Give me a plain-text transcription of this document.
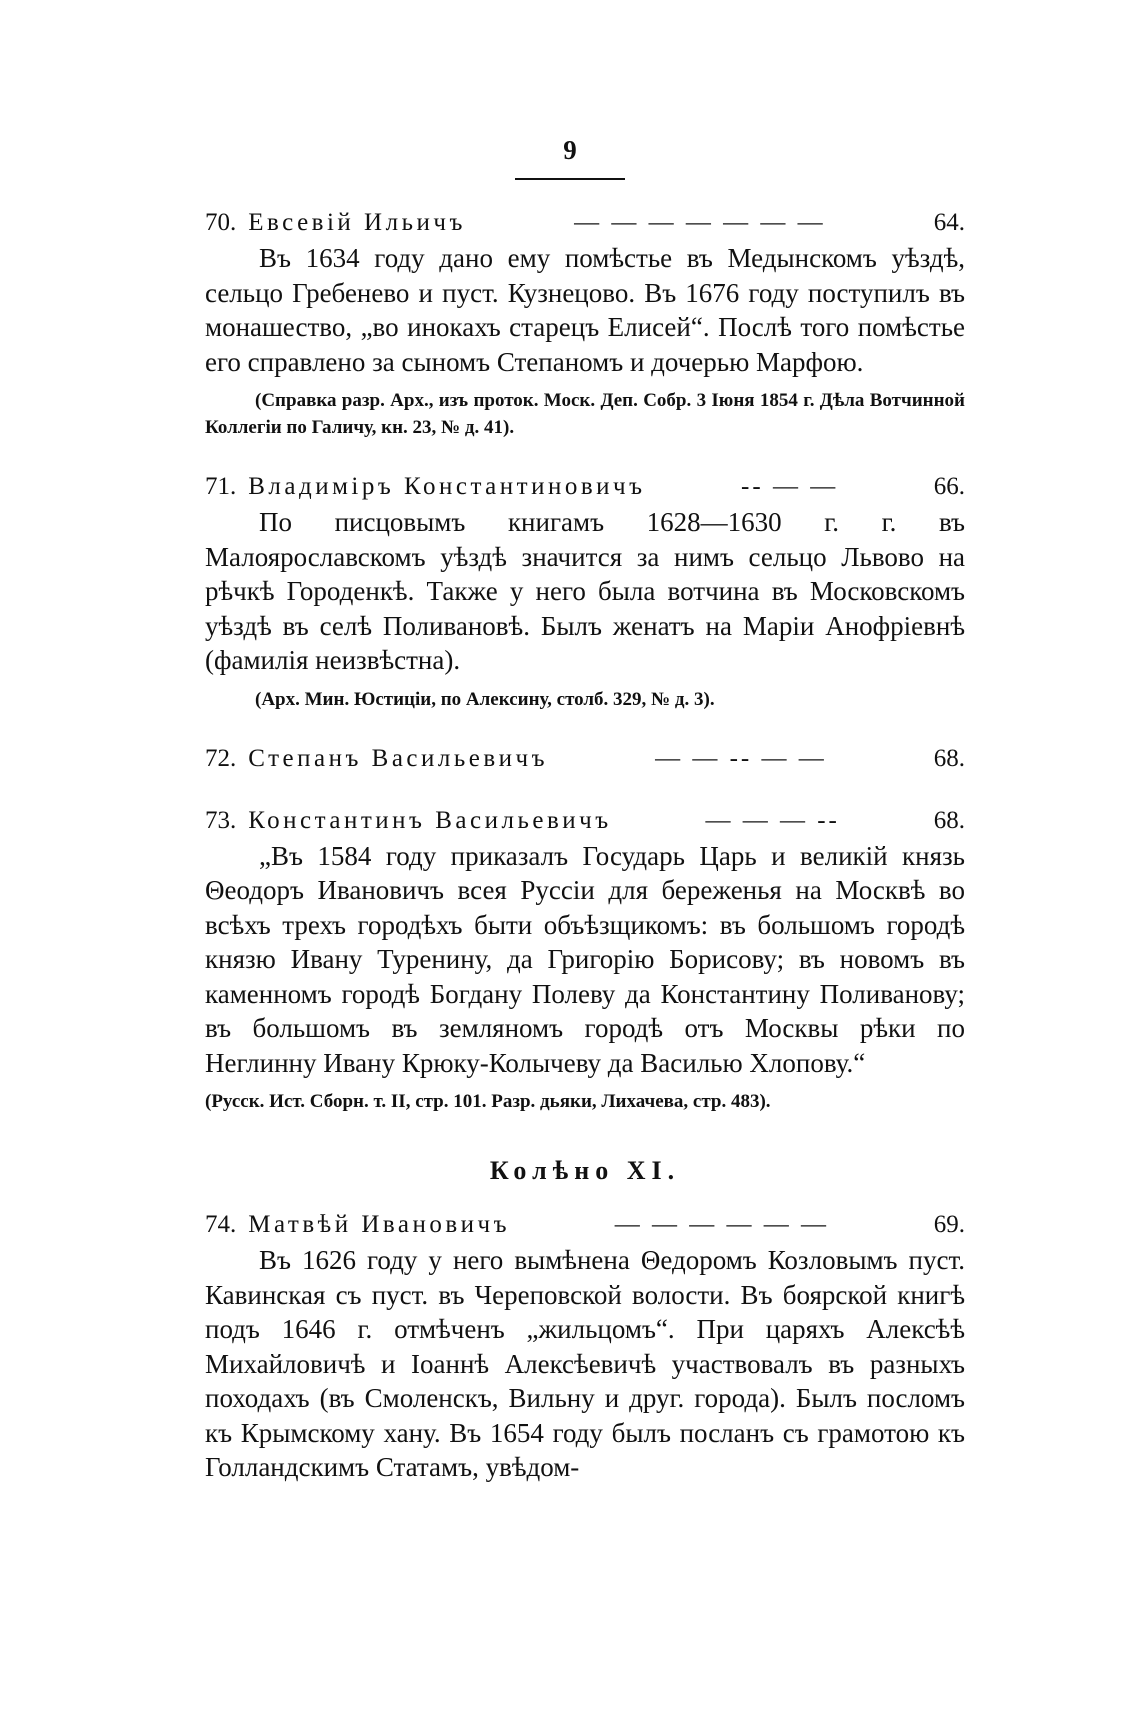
9
70. Евсевій Ильичъ	— — — — — — —	64.

Въ 1634 году дано ему помѣстье въ Медынскомъ уѣздѣ, сельцо Гребенево и пуст. Кузнецово. Въ 1676 году поступилъ въ монашество, „во инокахъ старецъ Елисей“. Послѣ того помѣстье его справлено за сыномъ Степаномъ и дочерью Марфою.

(Справка разр. Арх., изъ проток. Моск. Деп. Собр. 3 Іюня 1854 г. Дѣла Вотчинной Коллегіи по Галичу, кн. 23, № д. 41).

71. Владиміръ Константиновичъ	-- — —	66.

По писцовымъ книгамъ 1628—1630 г. г. въ Малоярославскомъ уѣздѣ значится за нимъ сельцо Львово на рѣчкѣ Городенкѣ. Также у него была вотчина въ Московскомъ уѣздѣ въ селѣ Поливановѣ. Былъ женатъ на Маріи Анофріевнѣ (фамилія неизвѣстна).

(Арх. Мин. Юстиціи, по Алексину, столб. 329, № д. 3).

72. Степанъ Васильевичъ	— — -- — —	68.
73. Константинъ Васильевичъ	— — — --	68.

„Въ 1584 году приказалъ Государь Царь и великій князь Θеодоръ Ивановичъ всея Руссіи для береженья на Москвѣ во всѣхъ трехъ городѣхъ быти объѣзщикомъ: въ большомъ городѣ князю Ивану Туренину, да Григорію Борисову; въ новомъ въ каменномъ городѣ Богдану Полеву да Константину Поливанову; въ большомъ въ земляномъ городѣ отъ Москвы рѣки по Неглинну Ивану Крюку-Колычеву да Василью Хлопову.“

(Русск. Ист. Сборн. т. II, стр. 101. Разр. дьяки, Лихачева, стр. 483).

Колѣно XI.
74. Матвѣй Ивановичъ	— — — — — —	69.

Въ 1626 году у него вымѣнена Θедоромъ Козловымъ пуст. Кавинская съ пуст. въ Череповской волости. Въ боярской книгѣ подъ 1646 г. отмѣченъ „жильцомъ“. При царяхъ Алексѣѣ Михайловичѣ и Іоаннѣ Алексѣевичѣ участвовалъ въ разныхъ походахъ (въ Смоленскъ, Вильну и друг. города). Былъ посломъ къ Крымскому хану. Въ 1654 году былъ посланъ съ грамотою къ Голландскимъ Статамъ, увѣдом-
